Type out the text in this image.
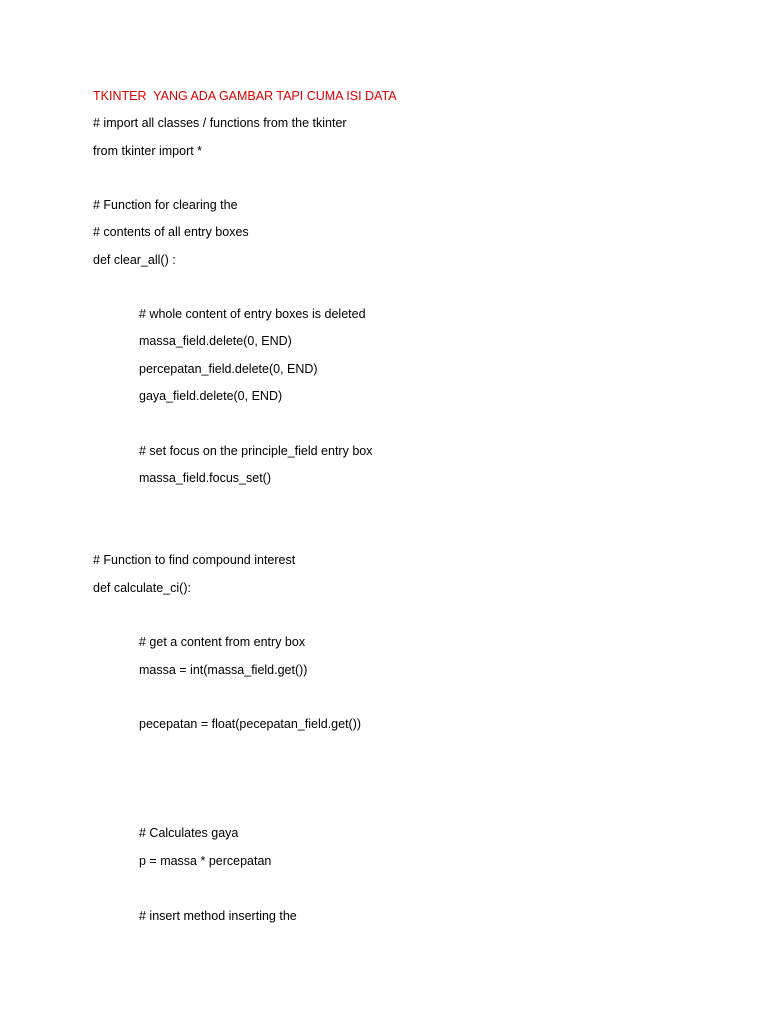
TKINTER  YANG ADA GAMBAR TAPI CUMA ISI DATA
# import all classes / functions from the tkinter
from tkinter import *
# Function for clearing the
# contents of all entry boxes
def clear_all() :
# whole content of entry boxes is deleted
massa_field.delete(0, END)
percepatan_field.delete(0, END)
gaya_field.delete(0, END)
# set focus on the principle_field entry box
massa_field.focus_set()
# Function to find compound interest
def calculate_ci():
# get a content from entry box
massa = int(massa_field.get())
pecepatan = float(pecepatan_field.get())
# Calculates gaya
p = massa * percepatan
# insert method inserting the
